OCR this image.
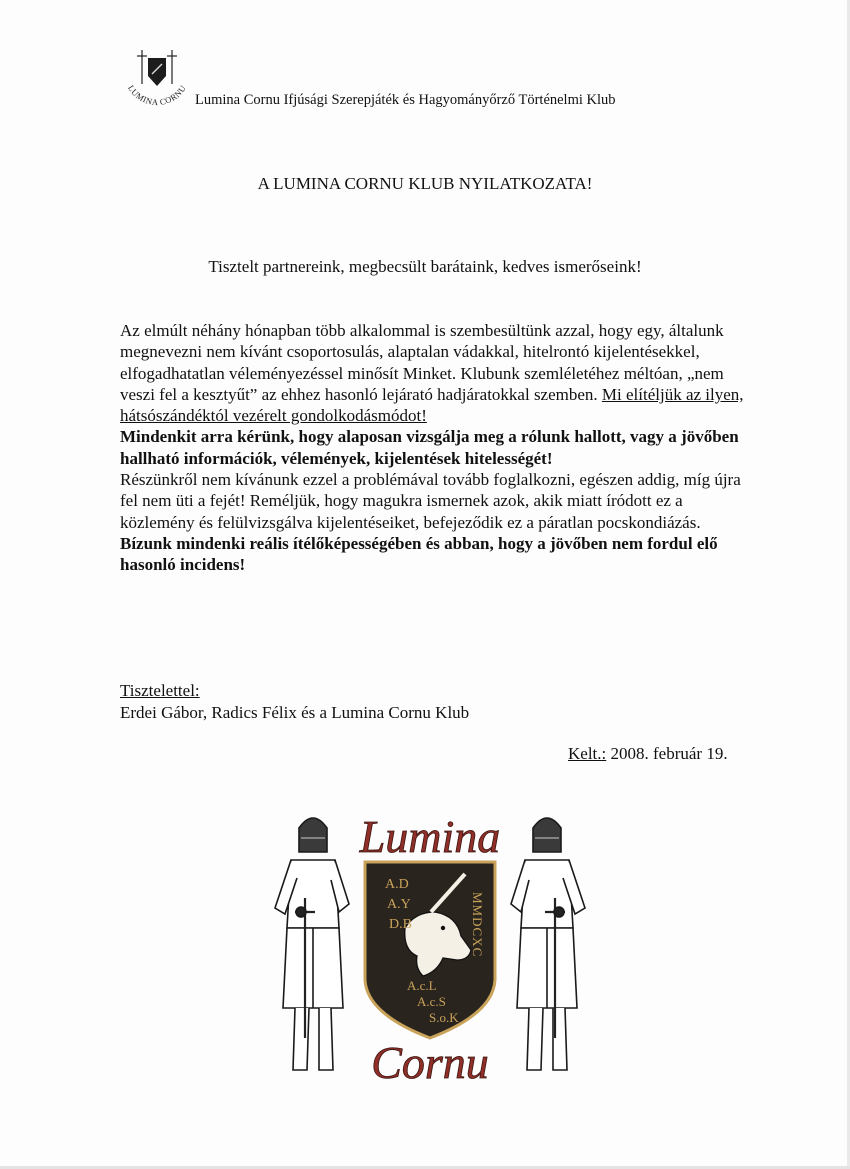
LUMINA CORNU
Lumina Cornu Ifjúsági Szerepjáték és Hagyományőrző Történelmi Klub
A LUMINA CORNU KLUB NYILATKOZATA!
Tisztelt partnereink, megbecsült barátaink, kedves ismerőseink!

Az elmúlt néhány hónapban több alkalommal is szembesültünk azzal, hogy egy, általunk megnevezni nem kívánt csoportosulás, alaptalan vádakkal, hitelrontó kijelentésekkel, elfogadhatatlan véleményezéssel minősít Minket. Klubunk szemléletéhez méltóan, „nem veszi fel a kesztyűt” az ehhez hasonló lejárató hadjáratokkal szemben. Mi elítéljük az ilyen, hátsószándéktól vezérelt gondolkodásmódot!

Mindenkit arra kérünk, hogy alaposan vizsgálja meg a rólunk hallott, vagy a jövőben hallható információk, vélemények, kijelentések hitelességét!

Részünkről nem kívánunk ezzel a problémával tovább foglalkozni, egészen addig, míg újra fel nem üti a fejét! Reméljük, hogy magukra ismernek azok, akik miatt íródott ez a közlemény és felülvizsgálva kijelentéseiket, befejeződik ez a páratlan pocskondiázás.

Bízunk mindenki reális ítélőképességében és abban, hogy a jövőben nem fordul elő hasonló incidens!

Tisztelettel:
Erdei Gábor, Radics Félix és a Lumina Cornu Klub
Kelt.: 2008. február 19.
Lumina
A.D
A.Y
D.B	MMDCXC
A.c.L
A.c.S
S.o.K
Cornu
